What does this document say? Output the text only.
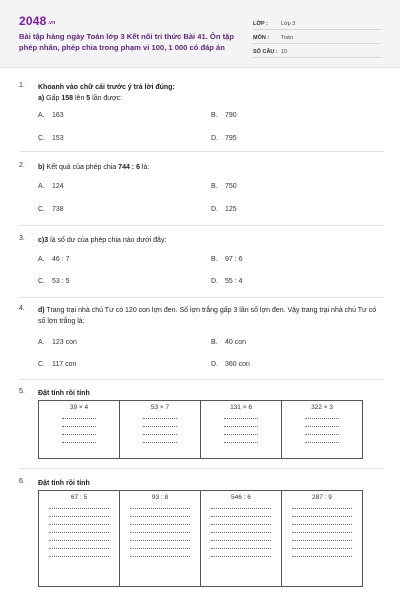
2048.vn
Bài tập hàng ngày Toán lớp 3 Kết nối tri thức Bài 41. Ôn tập phép nhân, phép chia trong phạm vi 100, 1 000 có đáp án
LỚP :	Lớp 3
MÔN :	Toán
SỐ CÂU : 10
1. Khoanh vào chữ cái trước ý trả lời đúng:
a) Gấp 158 lên 5 lần được:
A. 163	B. 790
C. 153	D. 795
2. b) Kết quả của phép chia 744 : 6 là:
A. 124	B. 750
C. 738	D. 125
3. c)3 là số dư của phép chia nào dưới đây:
A. 46 : 7	B. 97 : 6
C. 53 : 5	D. 55 : 4
4. d) Trang trại nhà chú Tư có 120 con lợn đen. Số lợn trắng gấp 3 lần số lợn đen. Vậy trang trại nhà chú Tư có số lợn trắng là:
A. 123 con	B. 40 con
C. 117 con	D. 360 con
5. Đặt tính rồi tính
39 × 4	53 × 7	131 × 6	322 × 3
6. Đặt tính rồi tính
67 : 5	93 : 8	546 : 6	287 : 9
